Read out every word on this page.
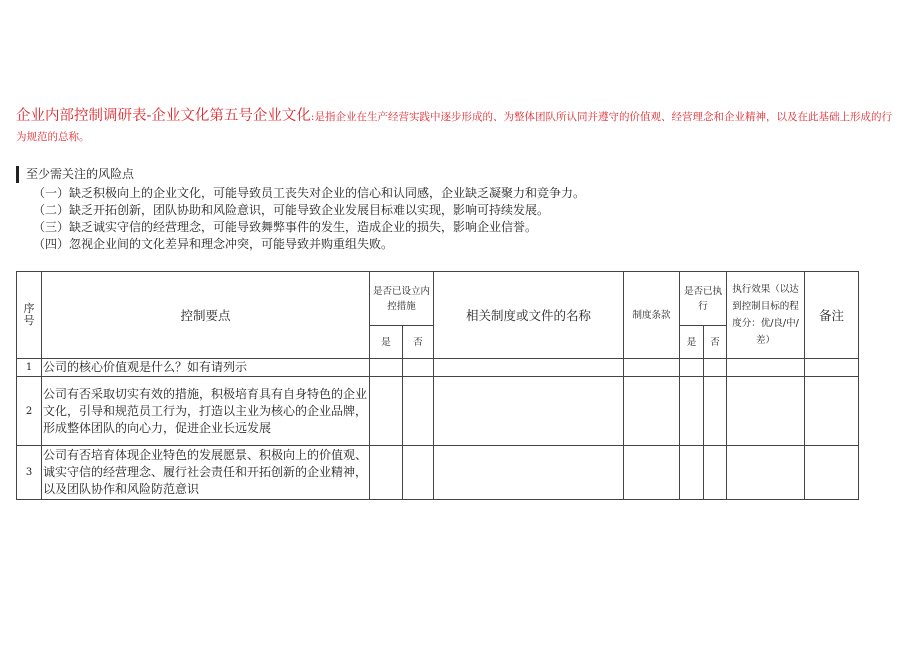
企业内部控制调研表-企业文化第五号企业文化:是指企业在生产经营实践中逐步形成的、为整体团队所认同并遵守的价值观、经营理念和企业精神，以及在此基础上形成的行为规范的总称。
至少需关注的风险点
（一）缺乏积极向上的企业文化，可能导致员工丧失对企业的信心和认同感，企业缺乏凝聚力和竞争力。
（二）缺乏开拓创新，团队协助和风险意识，可能导致企业发展目标难以实现，影响可持续发展。
（三）缺乏诚实守信的经营理念，可能导致舞弊事件的发生，造成企业的损失，影响企业信誉。
（四）忽视企业间的文化差异和理念冲突，可能导致并购重组失败。
序号	控制要点	是否已设立内控措施		相关制度或文件的名称	制度条款	是否已执行		执行效果（以达到控制目标的程度分：优/良/中/差）	备注
		是	否			是	否		
1	公司的核心价值观是什么？如有请列示								
2	公司有否采取切实有效的措施，积极培育具有自身特色的企业文化，引导和规范员工行为，打造以主业为核心的企业品牌，形成整体团队的向心力，促进企业长远发展								
3	公司有否培育体现企业特色的发展愿景、积极向上的价值观、诚实守信的经营理念、履行社会责任和开拓创新的企业精神，以及团队协作和风险防范意识								
